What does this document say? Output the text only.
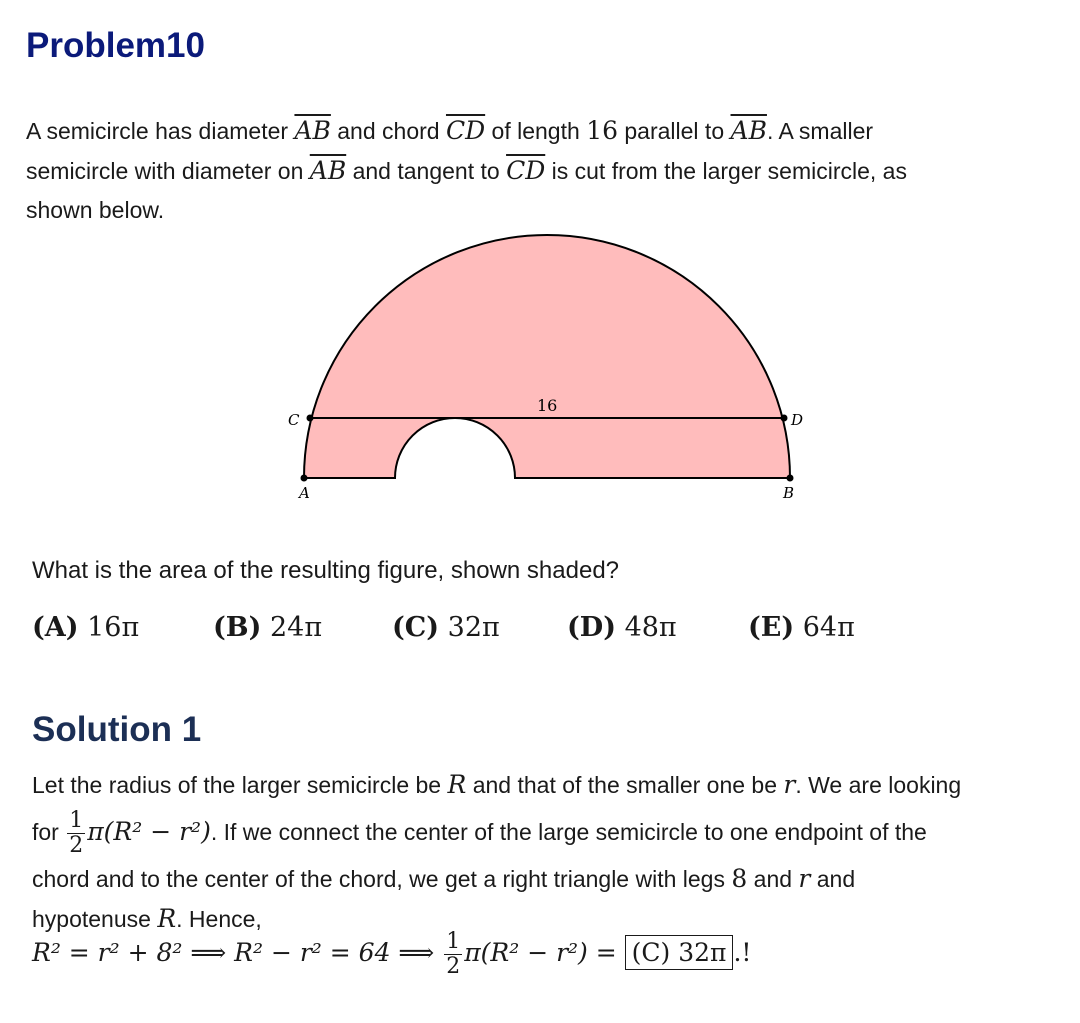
Problem10
A semicircle has diameter $\overline{AB}$ and chord $\overline{CD}$ of length 16 parallel to $\overline{AB}$. A smaller
semicircle with diameter on $\overline{AB}$ and tangent to $\overline{CD}$ is cut from the larger semicircle, as
shown below.
C	D
A	B
16
What is the area of the resulting figure, shown shaded?
(A) 16π	(B) 24π	(C) 32π (D) 48π	(E) 64π
Solution 1
Let the radius of the larger semicircle be R and that of the smaller one be r. We are looking
for $\frac{1}{2} \pi(R^2 - r^2)$. If we connect the center of the large semicircle to one endpoint of the
chord and to the center of the chord, we get a right triangle with legs 8 and r and
hypotenuse R. Hence,
R² = r² + 8² ⟹ R² − r² = 64 ⟹ $\frac{1}{2} \pi(R^2 - r^2) = (C)$ 32π .!
